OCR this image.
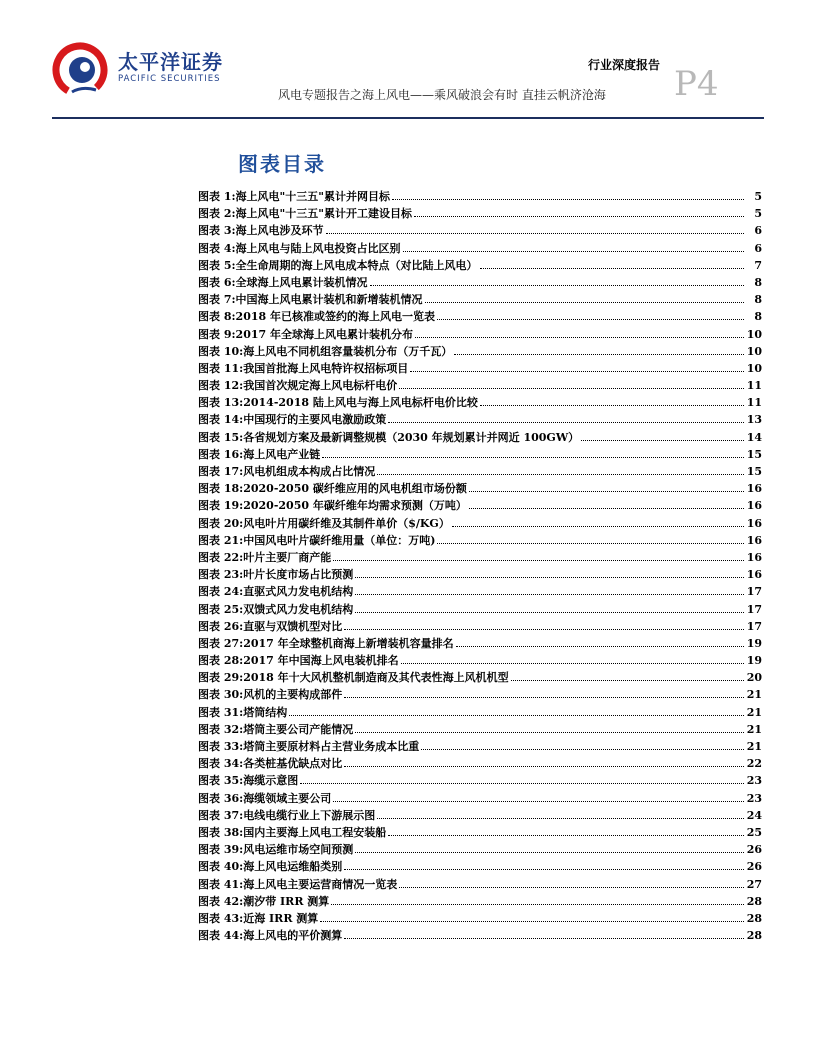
太平洋证券
PACIFIC SECURITIES
行业深度报告
风电专题报告之海上风电——乘风破浪会有时 直挂云帆济沧海 P4
图表目录
图表 1: 海上风电"十三五"累计并网目标	5
图表 2: 海上风电"十三五"累计开工建设目标	5
图表 3: 海上风电涉及环节	6
图表 4: 海上风电与陆上风电投资占比区别	6
图表 5: 全生命周期的海上风电成本特点（对比陆上风电）	7
图表 6: 全球海上风电累计装机情况	8
图表 7: 中国海上风电累计装机和新增装机情况	8
图表 8: 2018 年已核准或签约的海上风电一览表	8
图表 9: 2017 年全球海上风电累计装机分布	10
图表 10: 海上风电不同机组容量装机分布（万千瓦）	10
图表 11: 我国首批海上风电特许权招标项目	10
图表 12: 我国首次规定海上风电标杆电价	11
图表 13: 2014-2018 陆上风电与海上风电标杆电价比较	11
图表 14: 中国现行的主要风电激励政策	13
图表 15: 各省规划方案及最新调整规模（2030 年规划累计并网近 100GW）	14
图表 16: 海上风电产业链	15
图表 17: 风电机组成本构成占比情况	15
图表 18: 2020-2050 碳纤维应用的风电机组市场份额	16
图表 19: 2020-2050 年碳纤维年均需求预测（万吨）	16
图表 20: 风电叶片用碳纤维及其制件单价（$/KG）	16
图表 21: 中国风电叶片碳纤维用量（单位：万吨)	16
图表 22: 叶片主要厂商产能	16
图表 23: 叶片长度市场占比预测	16
图表 24: 直驱式风力发电机结构	17
图表 25: 双馈式风力发电机结构	17
图表 26: 直驱与双馈机型对比	17
图表 27: 2017 年全球整机商海上新增装机容量排名	19
图表 28: 2017 年中国海上风电装机排名	19
图表 29: 2018 年十大风机整机制造商及其代表性海上风机机型	20
图表 30: 风机的主要构成部件	21
图表 31: 塔筒结构	21
图表 32: 塔筒主要公司产能情况	21
图表 33: 塔筒主要原材料占主营业务成本比重	21
图表 34: 各类桩基优缺点对比	22
图表 35: 海缆示意图	23
图表 36: 海缆领域主要公司	23
图表 37: 电线电缆行业上下游展示图	24
图表 38: 国内主要海上风电工程安装船	25
图表 39: 风电运维市场空间预测	26
图表 40: 海上风电运维船类别	26
图表 41: 海上风电主要运营商情况一览表	27
图表 42: 潮汐带 IRR 测算	28
图表 43: 近海 IRR 测算	28
图表 44: 海上风电的平价测算	28
